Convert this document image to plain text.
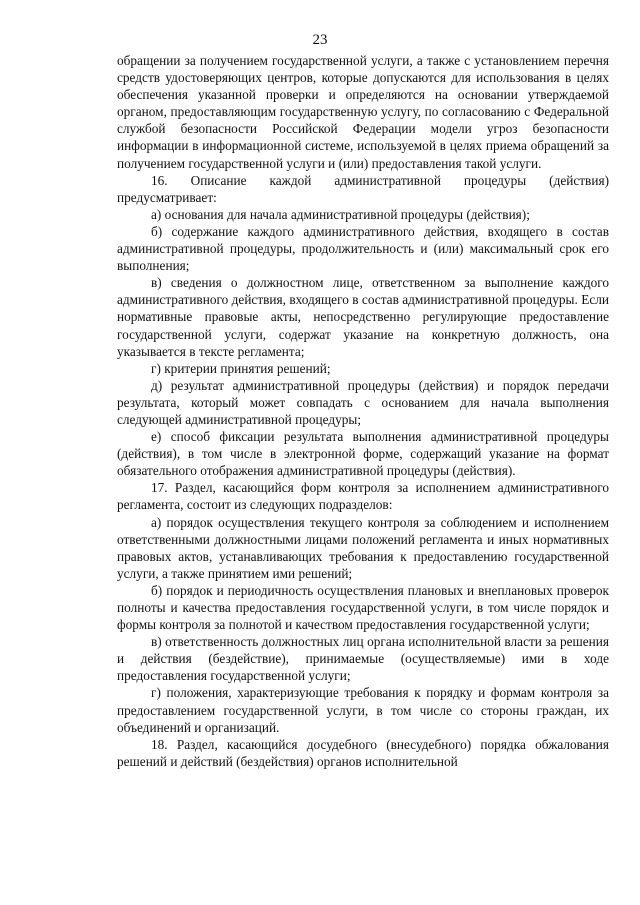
23

обращении за получением государственной услуги, а также с установлением перечня средств удостоверяющих центров, которые допускаются для использования в целях обеспечения указанной проверки и определяются на основании утверждаемой органом, предоставляющим государственную услугу, по согласованию с Федеральной службой безопасности Российской Федерации модели угроз безопасности информации в информационной системе, используемой в целях приема обращений за получением государственной услуги и (или) предоставления такой услуги.

16. Описание каждой административной процедуры (действия) предусматривает:

а) основания для начала административной процедуры (действия);

б) содержание каждого административного действия, входящего в состав административной процедуры, продолжительность и (или) максимальный срок его выполнения;

в) сведения о должностном лице, ответственном за выполнение каждого административного действия, входящего в состав административной процедуры. Если нормативные правовые акты, непосредственно регулирующие предоставление государственной услуги, содержат указание на конкретную должность, она указывается в тексте регламента;

г) критерии принятия решений;

д) результат административной процедуры (действия) и порядок передачи результата, который может совпадать с основанием для начала выполнения следующей административной процедуры;

е) способ фиксации результата выполнения административной процедуры (действия), в том числе в электронной форме, содержащий указание на формат обязательного отображения административной процедуры (действия).

17. Раздел, касающийся форм контроля за исполнением административного регламента, состоит из следующих подразделов:

а) порядок осуществления текущего контроля за соблюдением и исполнением ответственными должностными лицами положений регламента и иных нормативных правовых актов, устанавливающих требования к предоставлению государственной услуги, а также принятием ими решений;

б) порядок и периодичность осуществления плановых и внеплановых проверок полноты и качества предоставления государственной услуги, в том числе порядок и формы контроля за полнотой и качеством предоставления государственной услуги;

в) ответственность должностных лиц органа исполнительной власти за решения и действия (бездействие), принимаемые (осуществляемые) ими в ходе предоставления государственной услуги;

г) положения, характеризующие требования к порядку и формам контроля за предоставлением государственной услуги, в том числе со стороны граждан, их объединений и организаций.

18. Раздел, касающийся досудебного (внесудебного) порядка обжалования решений и действий (бездействия) органов исполнительной
